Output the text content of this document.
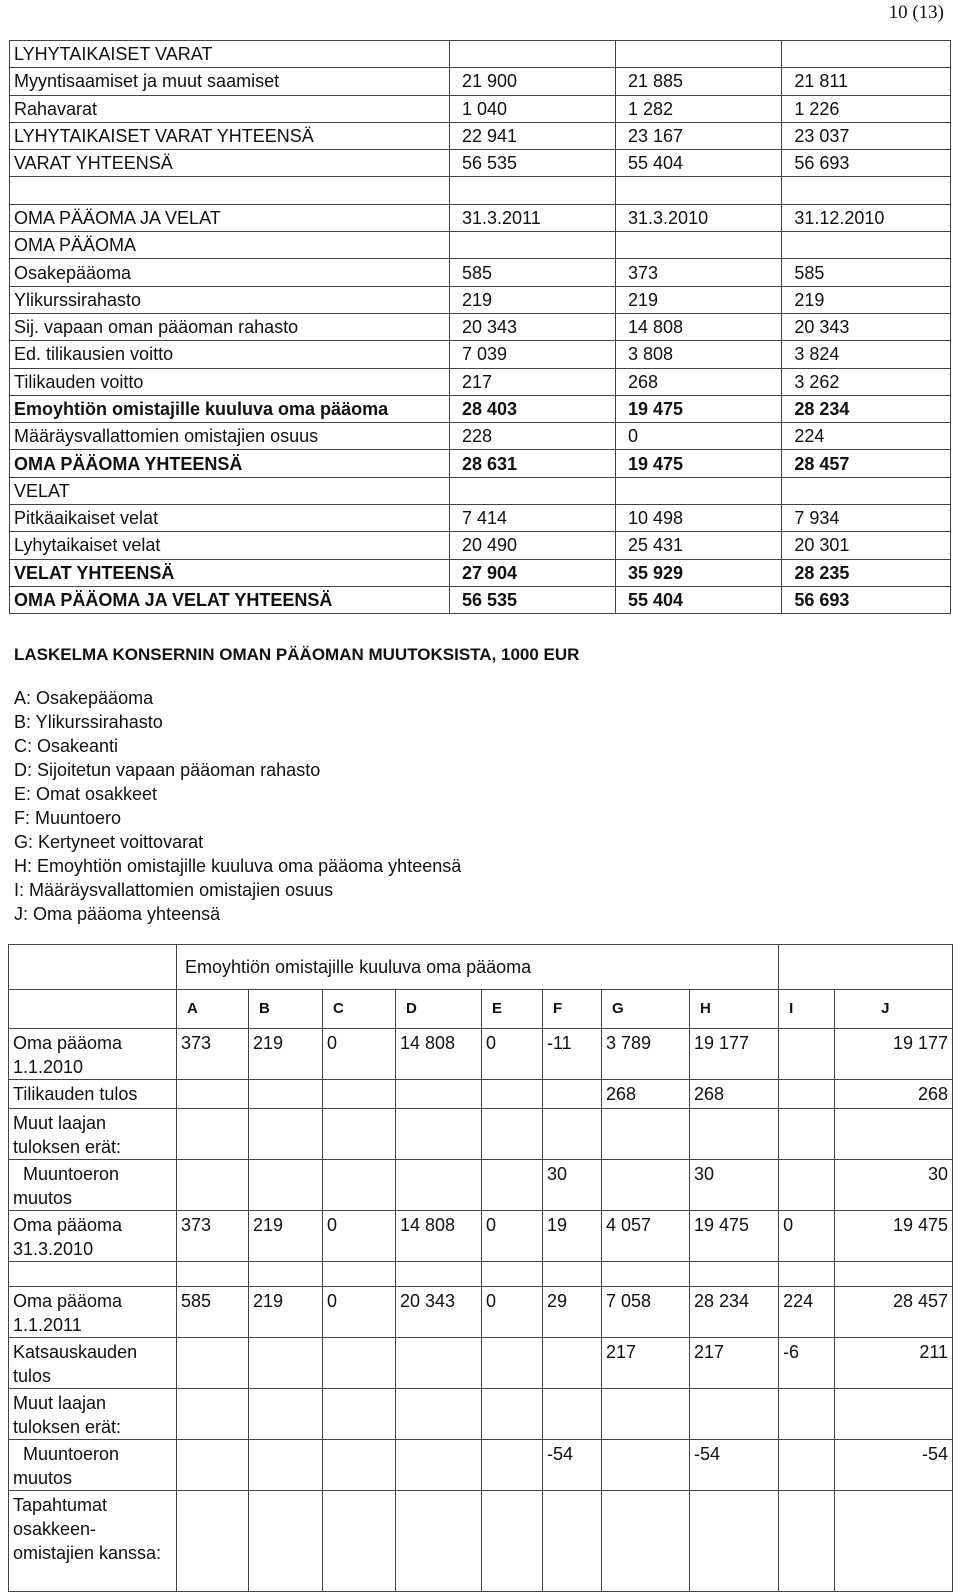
10 (13)
LYHYTAIKAISET VARAT			
Myyntisaamiset ja muut saamiset	21 900	21 885	21 811
Rahavarat	1 040	1 282	1 226
LYHYTAIKAISET VARAT YHTEENSÄ	22 941	23 167	23 037
VARAT YHTEENSÄ	56 535	55 404	56 693

OMA PÄÄOMA JA VELAT	31.3.2011	31.3.2010	31.12.2010
OMA PÄÄOMA			
Osakepääoma	585	373	585
Ylikurssirahasto	219	219	219
Sij. vapaan oman pääoman rahasto	20 343	14 808	20 343
Ed. tilikausien voitto	7 039	3 808	3 824
Tilikauden voitto	217	268	3 262
Emoyhtiön omistajille kuuluva oma pääoma	28 403	19 475	28 234
Määräysvallattomien omistajien osuus	228	0	224
OMA PÄÄOMA YHTEENSÄ	28 631	19 475	28 457
VELAT			
Pitkäaikaiset velat	7 414	10 498	7 934
Lyhytaikaiset velat	20 490	25 431	20 301
VELAT YHTEENSÄ	27 904	35 929	28 235
OMA PÄÄOMA JA VELAT YHTEENSÄ	56 535	55 404	56 693
LASKELMA KONSERNIN OMAN PÄÄOMAN MUUTOKSISTA, 1000 EUR
A: Osakepääoma
B: Ylikurssirahasto
C: Osakeanti
D: Sijoitetun vapaan pääoman rahasto
E: Omat osakkeet
F: Muuntoero
G: Kertyneet voittovarat
H: Emoyhtiön omistajille kuuluva oma pääoma yhteensä
I: Määräysvallattomien omistajien osuus
J: Oma pääoma yhteensä
	Emoyhtiön omistajille kuuluva oma pääoma									
	A	B	C	D	E	F	G	H	I	J
Oma pääoma 1.1.2010	373	219	0	14 808	0	-11	3 789	19 177		19 177
Tilikauden tulos							268	268		268
Muut laajan tuloksen erät:										
Muuntoeron muutos						30		30		30
Oma pääoma 31.3.2010	373	219	0	14 808	0	19	4 057	19 475	0	19 475

Oma pääoma 1.1.2011	585	219	0	20 343	0	29	7 058	28 234	224	28 457
Katsauskauden tulos							217	217	-6	211
Muut laajan tuloksen erät:										
Muuntoeron muutos						-54		-54		-54
Tapahtumat osakkeen-omistajien kanssa:										
